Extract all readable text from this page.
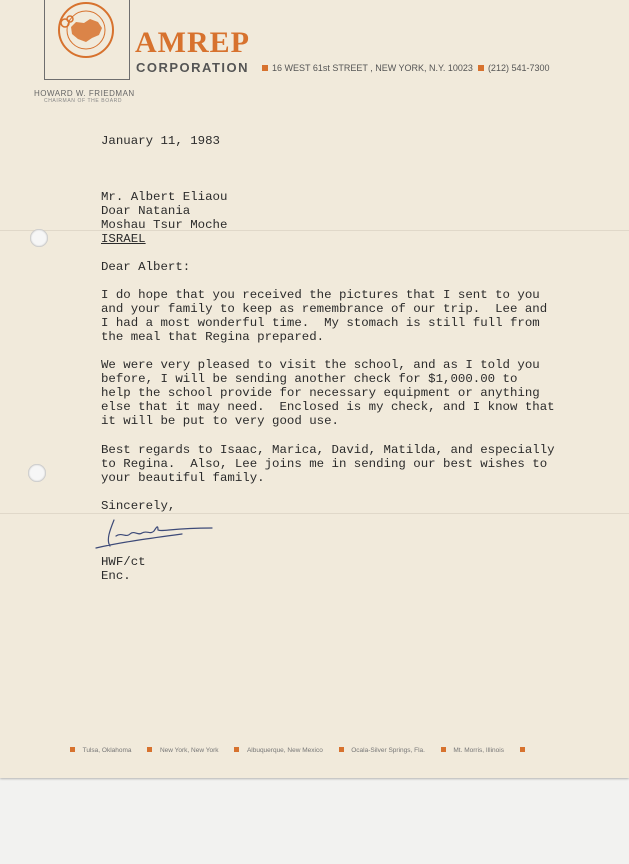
AMREP
CORPORATION	16 WEST 61st STREET , NEW YORK, N.Y. 10023 (212) 541-7300
HOWARD W. FRIEDMAN
CHAIRMAN OF THE BOARD
January 11, 1983
Mr. Albert Eliaou
Doar Natania
Moshau Tsur Moche
ISRAEL
Dear Albert:
I do hope that you received the pictures that I sent to you
and your family to keep as remembrance of our trip.  Lee and
I had a most wonderful time.  My stomach is still full from
the meal that Regina prepared.
We were very pleased to visit the school, and as I told you
before, I will be sending another check for $1,000.00 to
help the school provide for necessary equipment or anything
else that it may need.  Enclosed is my check, and I know that
it will be put to very good use.
Best regards to Isaac, Marica, David, Matilda, and especially
to Regina.  Also, Lee joins me in sending our best wishes to
your beautiful family.
Sincerely,
HWF/ct
Enc.
Tulsa, Oklahoma	New York, New York	Albuquerque, New Mexico	Ocala-Silver Springs, Fla.	Mt. Morris, Illinois
